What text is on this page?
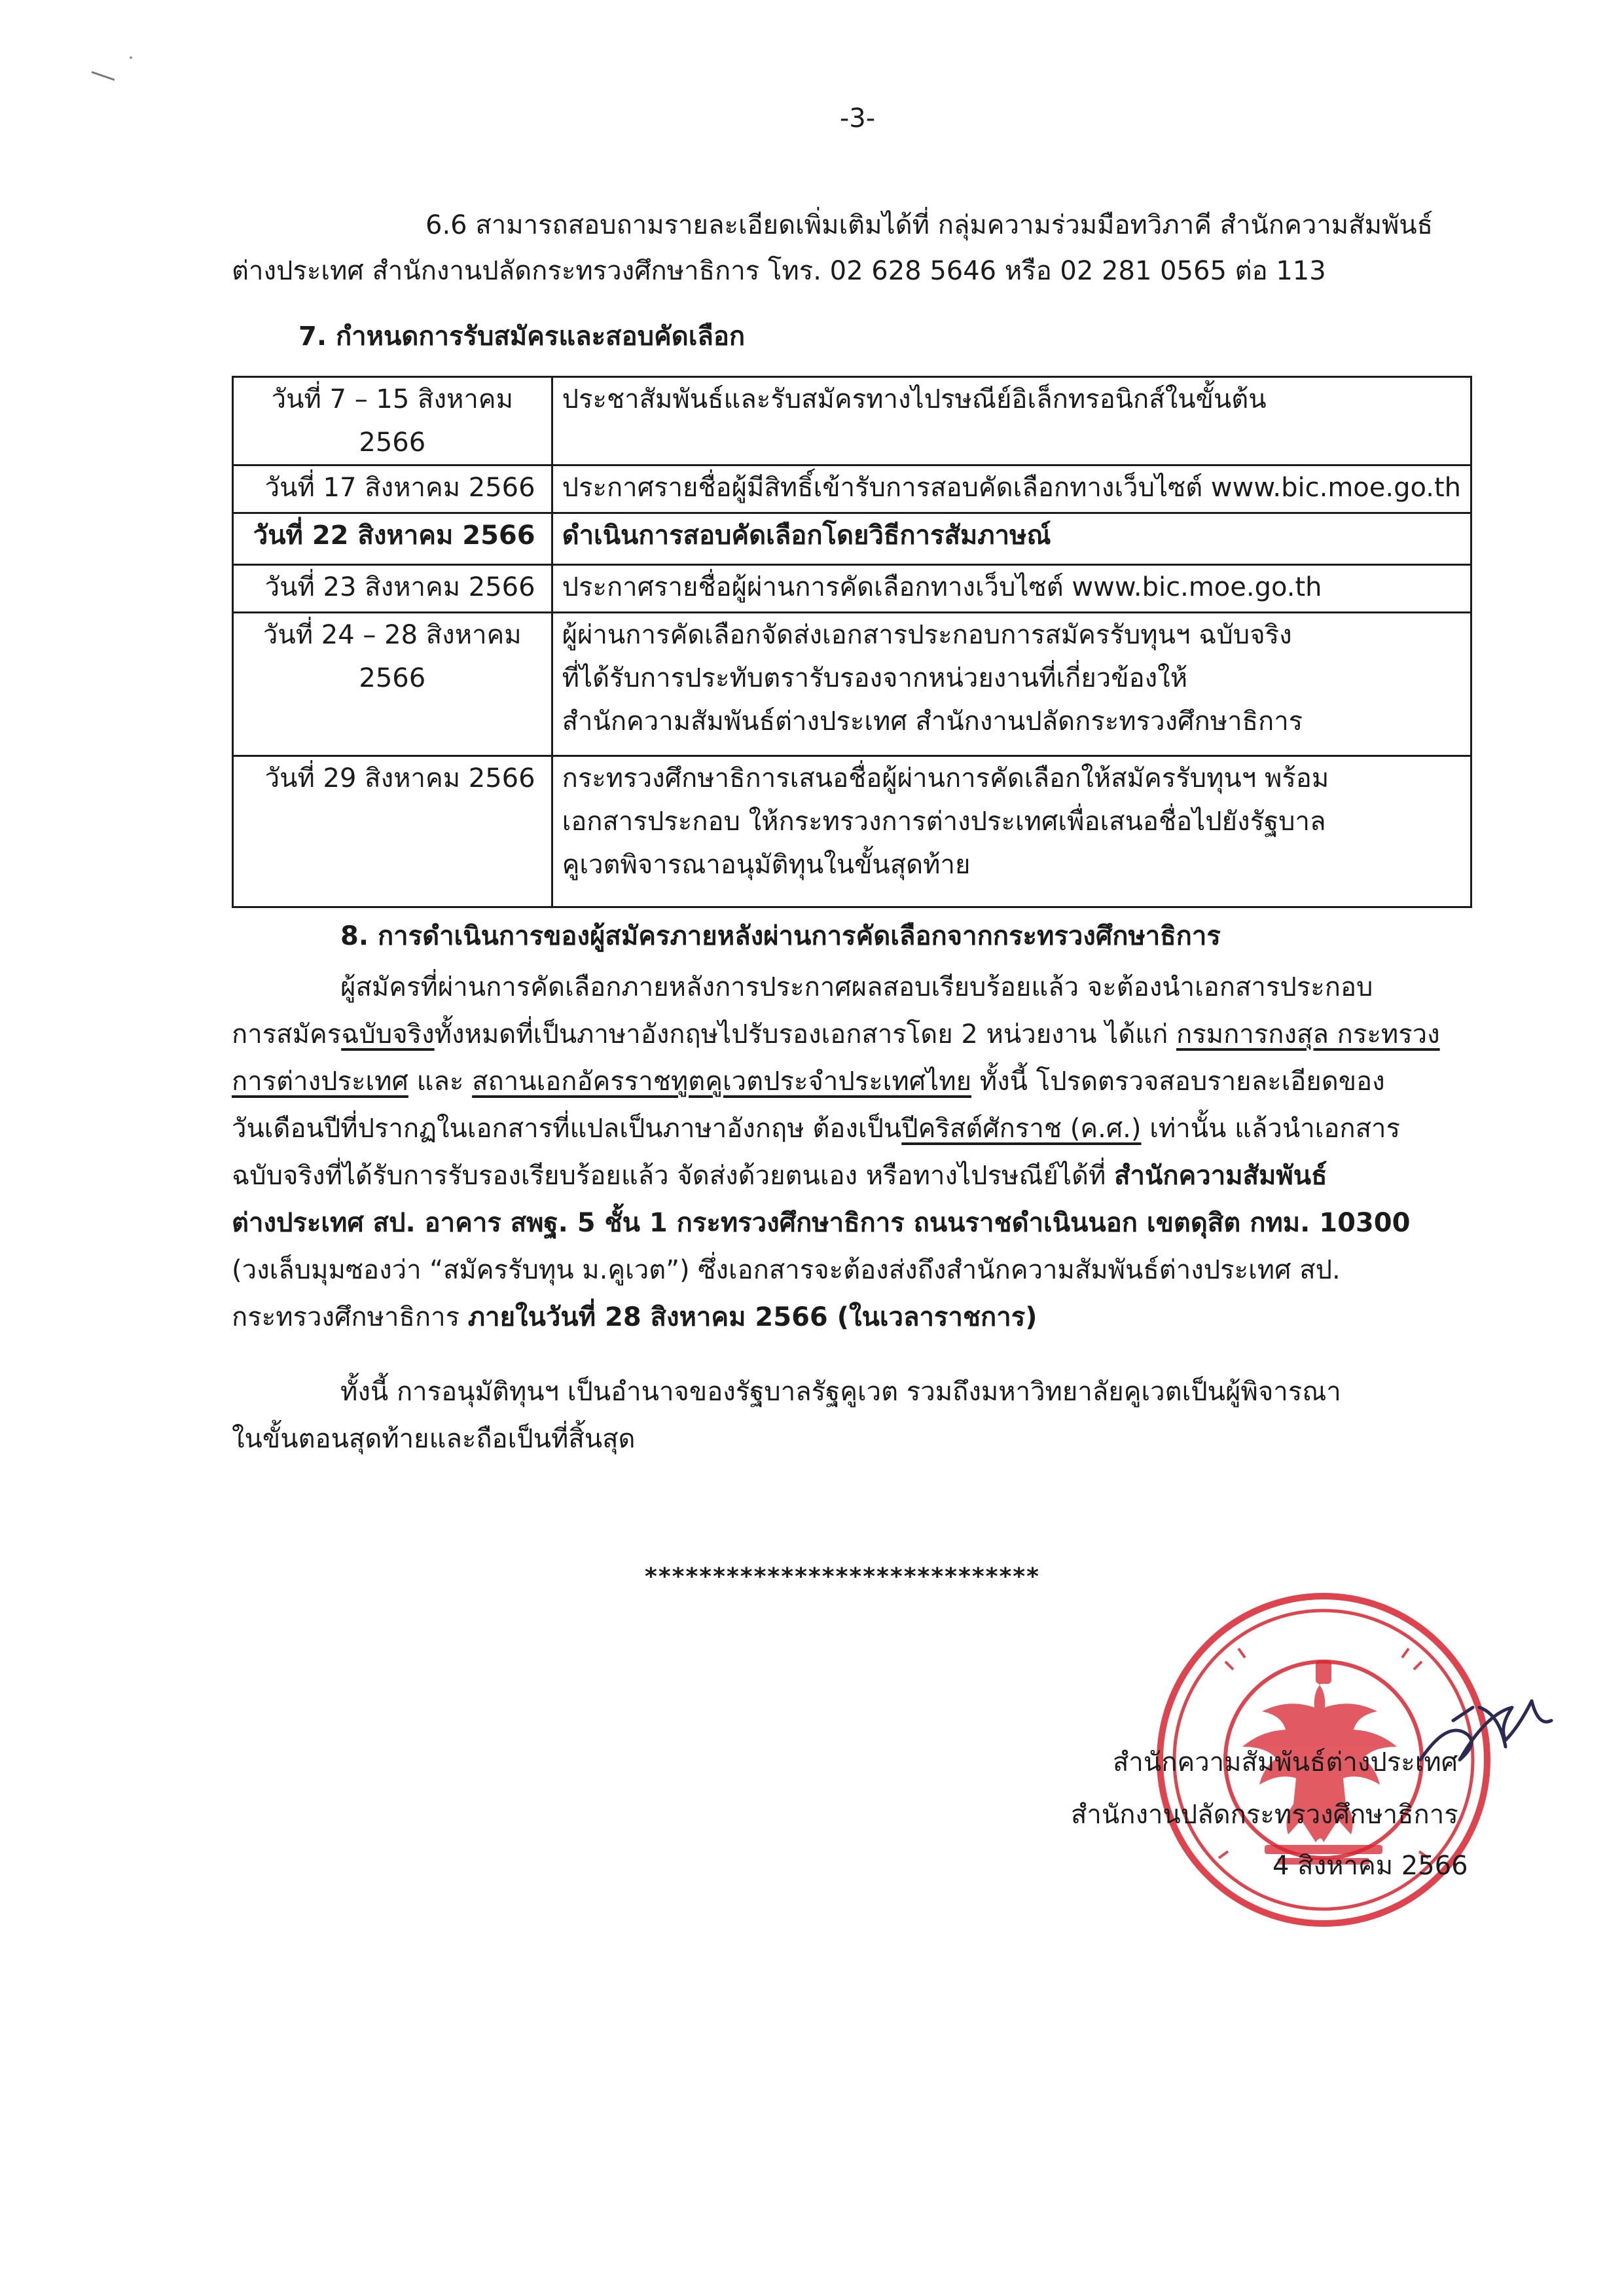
-3-
6.6 สามารถสอบถามรายละเอียดเพิ่มเติมได้ที่ กลุ่มความร่วมมือทวิภาคี สำนักความสัมพันธ์
ต่างประเทศ สำนักงานปลัดกระทรวงศึกษาธิการ โทร. 02 628 5646 หรือ 02 281 0565 ต่อ 113
7. กำหนดการรับสมัครและสอบคัดเลือก
วันที่ 7 – 15 สิงหาคม 2566	ประชาสัมพันธ์และรับสมัครทางไปรษณีย์อิเล็กทรอนิกส์ในขั้นต้น

วันที่ 17 สิงหาคม 2566	ประกาศรายชื่อผู้มีสิทธิ์เข้ารับการสอบคัดเลือกทางเว็บไซต์ www.bic.moe.go.th

วันที่ 22 สิงหาคม 2566	ดำเนินการสอบคัดเลือกโดยวิธีการสัมภาษณ์

วันที่ 23 สิงหาคม 2566	ประกาศรายชื่อผู้ผ่านการคัดเลือกทางเว็บไซต์ www.bic.moe.go.th

วันที่ 24 – 28 สิงหาคม 2566	ผู้ผ่านการคัดเลือกจัดส่งเอกสารประกอบการสมัครรับทุนฯ ฉบับจริง
ที่ได้รับการประทับตรารับรองจากหน่วยงานที่เกี่ยวข้องให้
สำนักความสัมพันธ์ต่างประเทศ สำนักงานปลัดกระทรวงศึกษาธิการ

วันที่ 29 สิงหาคม 2566	กระทรวงศึกษาธิการเสนอชื่อผู้ผ่านการคัดเลือกให้สมัครรับทุนฯ พร้อม
เอกสารประกอบ ให้กระทรวงการต่างประเทศเพื่อเสนอชื่อไปยังรัฐบาล
คูเวตพิจารณาอนุมัติทุนในขั้นสุดท้าย
8. การดำเนินการของผู้สมัครภายหลังผ่านการคัดเลือกจากกระทรวงศึกษาธิการ
ผู้สมัครที่ผ่านการคัดเลือกภายหลังการประกาศผลสอบเรียบร้อยแล้ว จะต้องนำเอกสารประกอบ
การสมัครฉบับจริงทั้งหมดที่เป็นภาษาอังกฤษไปรับรองเอกสารโดย 2 หน่วยงาน ได้แก่ กรมการกงสุล กระทรวง
การต่างประเทศ และ สถานเอกอัครราชทูตคูเวตประจำประเทศไทย ทั้งนี้ โปรดตรวจสอบรายละเอียดของ
วันเดือนปีที่ปรากฏในเอกสารที่แปลเป็นภาษาอังกฤษ ต้องเป็นปีคริสต์ศักราช (ค.ศ.) เท่านั้น แล้วนำเอกสาร
ฉบับจริงที่ได้รับการรับรองเรียบร้อยแล้ว จัดส่งด้วยตนเอง หรือทางไปรษณีย์ได้ที่ สำนักความสัมพันธ์
ต่างประเทศ สป. อาคาร สพฐ. 5 ชั้น 1 กระทรวงศึกษาธิการ ถนนราชดำเนินนอก เขตดุสิต กทม. 10300
(วงเล็บมุมซองว่า “สมัครรับทุน ม.คูเวต”) ซึ่งเอกสารจะต้องส่งถึงสำนักความสัมพันธ์ต่างประเทศ สป.
กระทรวงศึกษาธิการ ภายในวันที่ 28 สิงหาคม 2566 (ในเวลาราชการ)
ทั้งนี้ การอนุมัติทุนฯ เป็นอำนาจของรัฐบาลรัฐคูเวต รวมถึงมหาวิทยาลัยคูเวตเป็นผู้พิจารณา
ในขั้นตอนสุดท้ายและถือเป็นที่สิ้นสุด
*****************************
สำนักความสัมพันธ์ต่างประเทศ
สำนักงานปลัดกระทรวงศึกษาธิการ
4 สิงหาคม 2566
